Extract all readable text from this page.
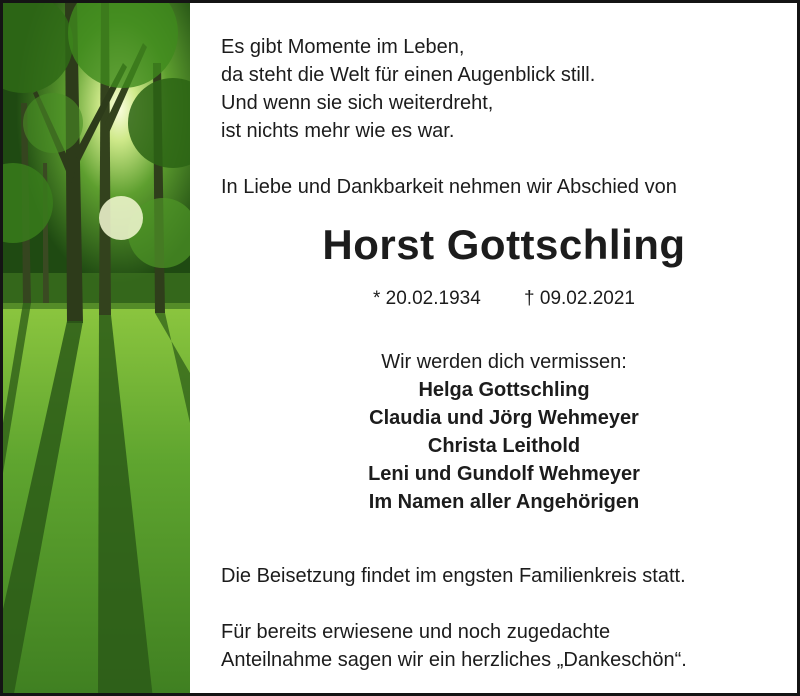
Es gibt Momente im Leben,
da steht die Welt für einen Augenblick still.
Und wenn sie sich weiterdreht,
ist nichts mehr wie es war.
In Liebe und Dankbarkeit nehmen wir Abschied von
Horst Gottschling
* 20.02.1934 † 09.02.2021
Wir werden dich vermissen:
Helga Gottschling
Claudia und Jörg Wehmeyer
Christa Leithold
Leni und Gundolf Wehmeyer
Im Namen aller Angehörigen
Die Beisetzung findet im engsten Familienkreis statt.
Für bereits erwiesene und noch zugedachte
Anteilnahme sagen wir ein herzliches „Dankeschön“.
